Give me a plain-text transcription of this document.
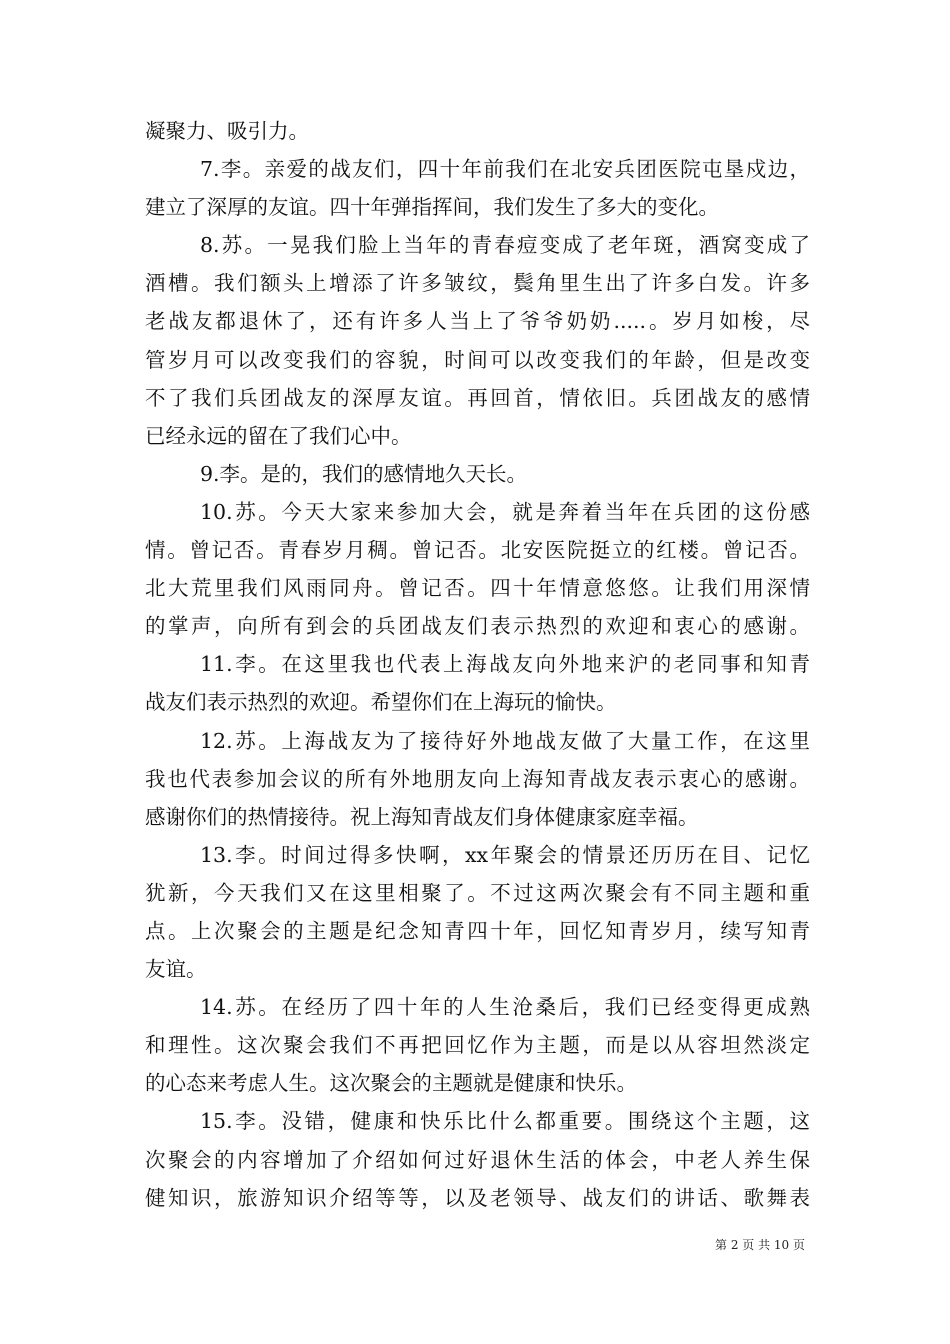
凝聚力、吸引力。
7.李。亲爱的战友们，四十年前我们在北安兵团医院屯垦戍边，
建立了深厚的友谊。四十年弹指挥间，我们发生了多大的变化。
8.苏。一晃我们脸上当年的青春痘变成了老年斑，酒窝变成了
酒槽。我们额头上增添了许多皱纹，鬓角里生出了许多白发。许多
老战友都退休了，还有许多人当上了爷爷奶奶.....。岁月如梭，尽
管岁月可以改变我们的容貌，时间可以改变我们的年龄，但是改变
不了我们兵团战友的深厚友谊。再回首，情依旧。兵团战友的感情
已经永远的留在了我们心中。
9.李。是的，我们的感情地久天长。
10.苏。今天大家来参加大会，就是奔着当年在兵团的这份感
情。曾记否。青春岁月稠。曾记否。北安医院挺立的红楼。曾记否。
北大荒里我们风雨同舟。曾记否。四十年情意悠悠。让我们用深情
的掌声，向所有到会的兵团战友们表示热烈的欢迎和衷心的感谢。
11.李。在这里我也代表上海战友向外地来沪的老同事和知青
战友们表示热烈的欢迎。希望你们在上海玩的愉快。
12.苏。上海战友为了接待好外地战友做了大量工作，在这里
我也代表参加会议的所有外地朋友向上海知青战友表示衷心的感谢。
感谢你们的热情接待。祝上海知青战友们身体健康家庭幸福。
13.李。时间过得多快啊，xx年聚会的情景还历历在目、记忆
犹新，今天我们又在这里相聚了。不过这两次聚会有不同主题和重
点。上次聚会的主题是纪念知青四十年，回忆知青岁月，续写知青
友谊。
14.苏。在经历了四十年的人生沧桑后，我们已经变得更成熟
和理性。这次聚会我们不再把回忆作为主题，而是以从容坦然淡定
的心态来考虑人生。这次聚会的主题就是健康和快乐。
15.李。没错，健康和快乐比什么都重要。围绕这个主题，这
次聚会的内容增加了介绍如何过好退休生活的体会，中老人养生保
健知识，旅游知识介绍等等，以及老领导、战友们的讲话、歌舞表
第 2 页 共 10 页
